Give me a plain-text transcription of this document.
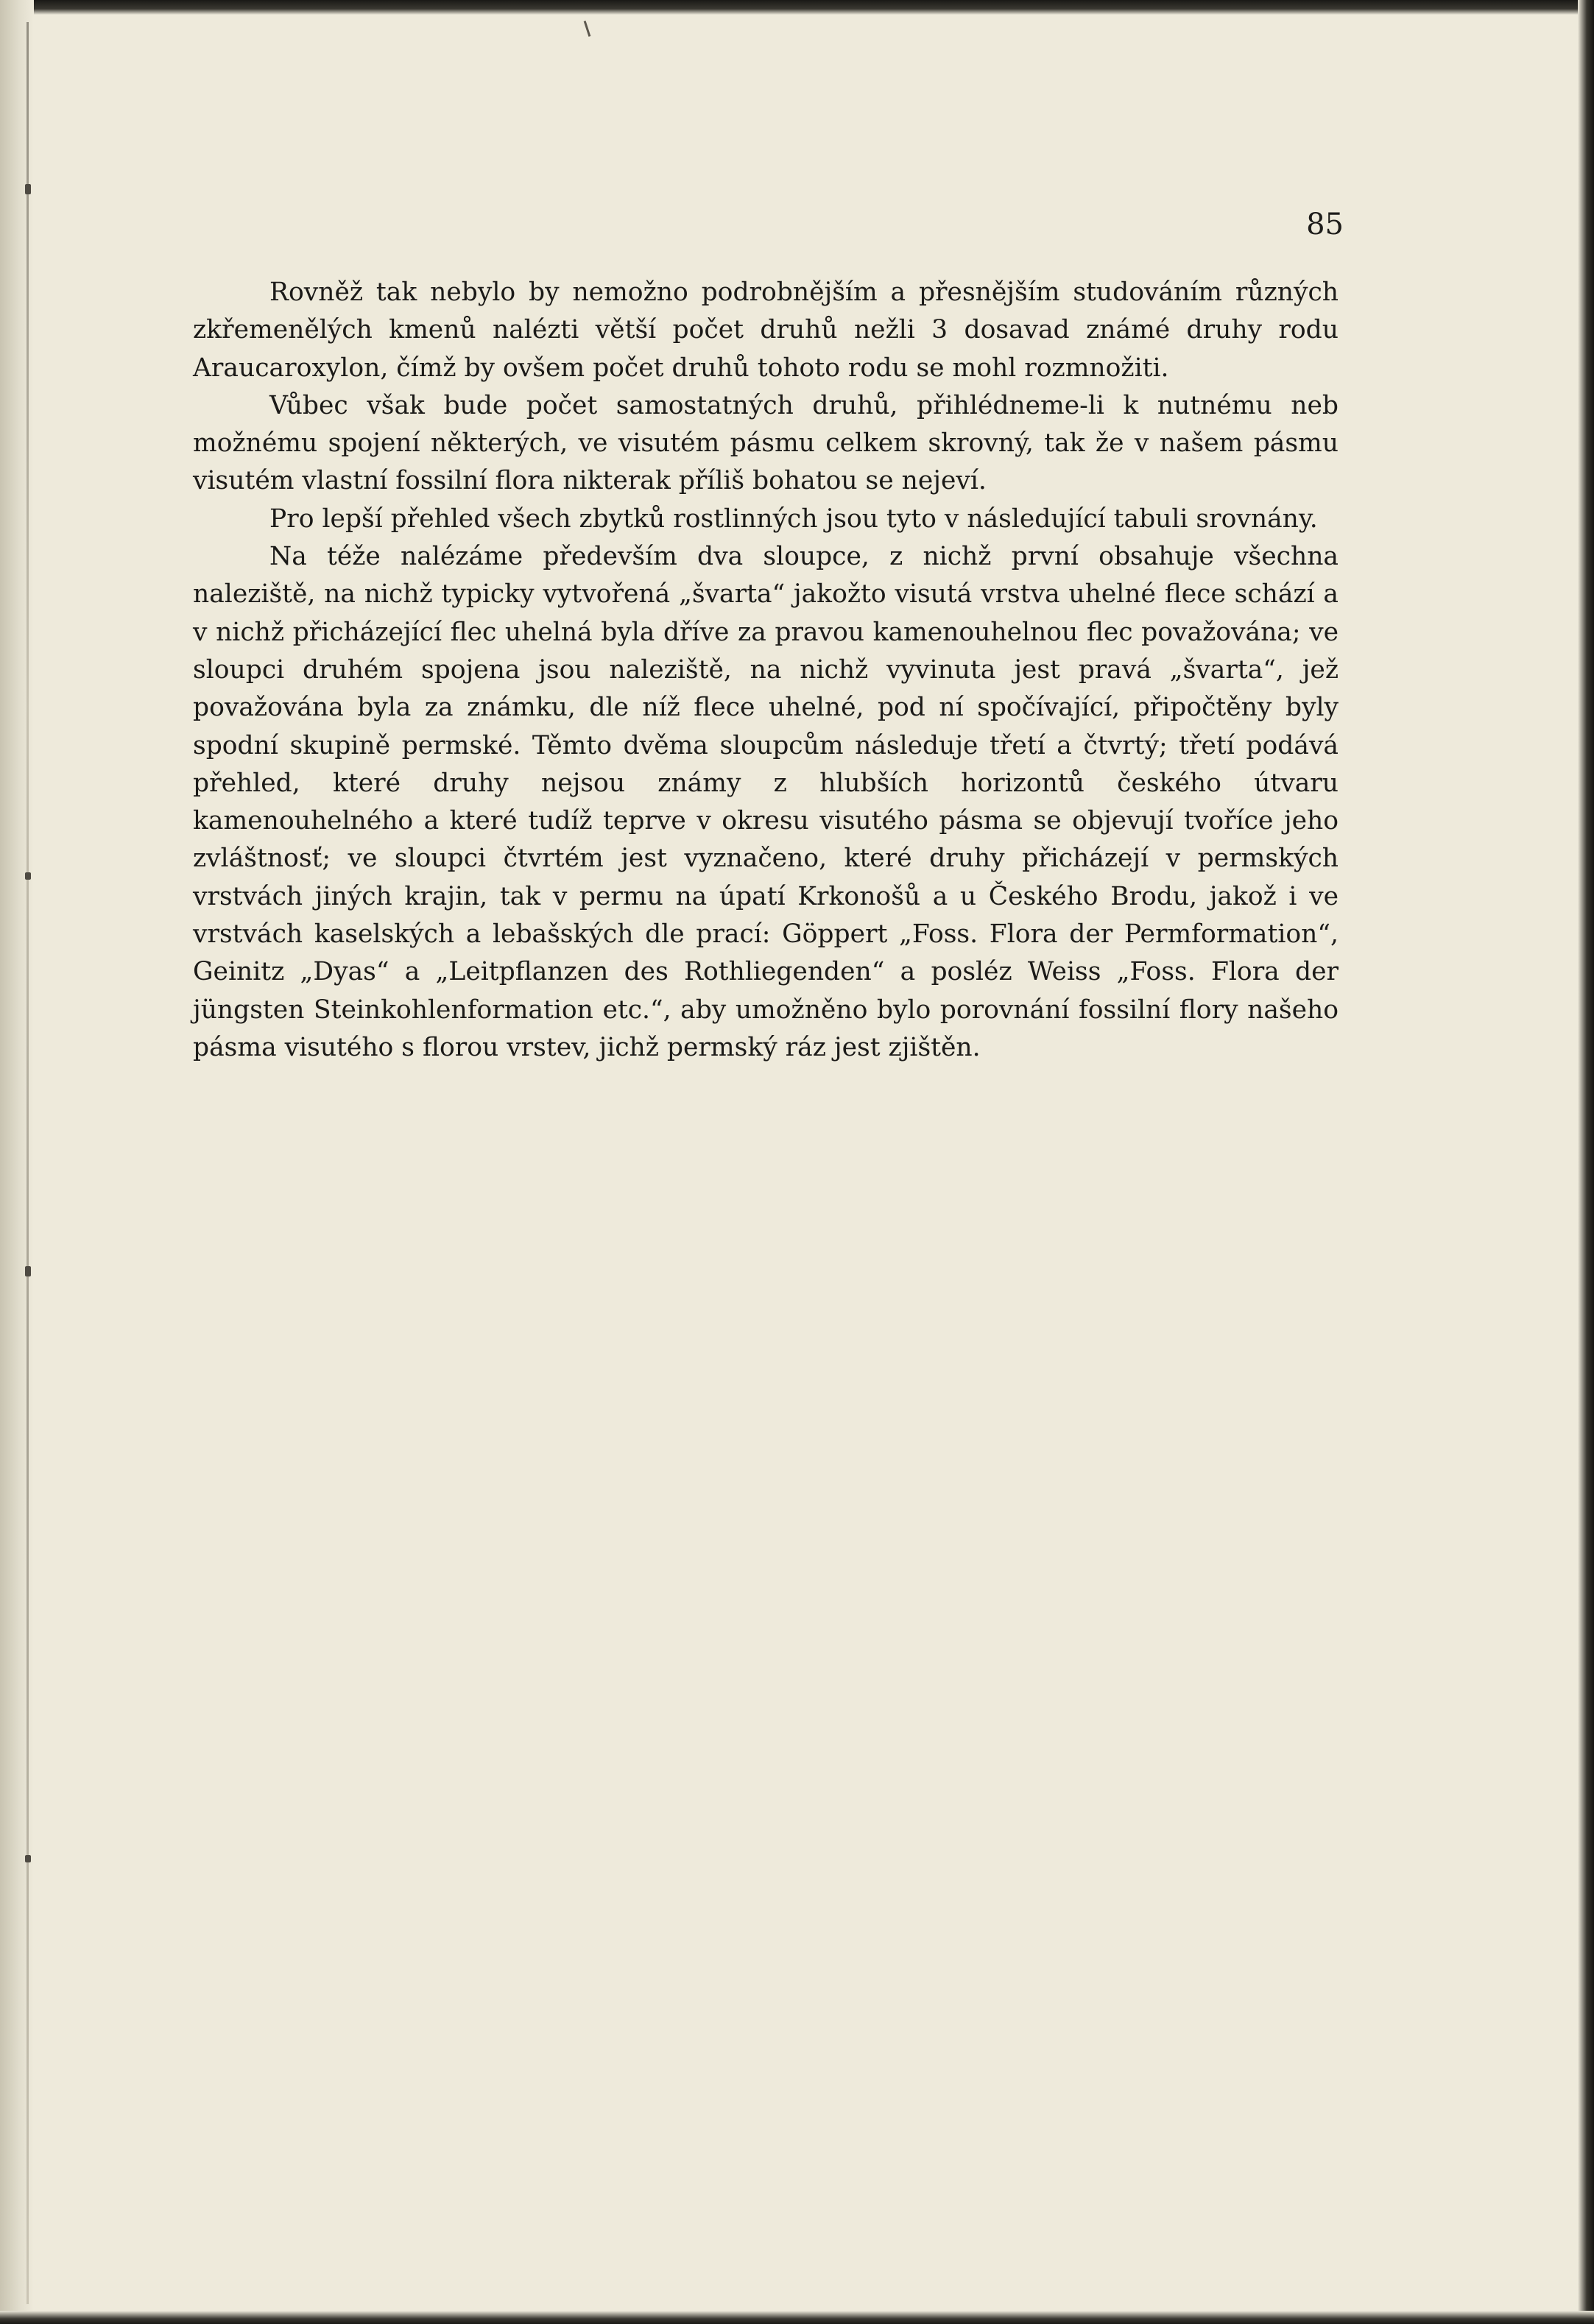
85

Rovněž tak nebylo by nemožno podrobnějším a přesnějším studováním různých zkřemenělých kmenů nalézti větší počet druhů nežli 3 dosavad známé druhy rodu Araucaroxylon, čímž by ovšem počet druhů tohoto rodu se mohl rozmnožiti.

Vůbec však bude počet samostatných druhů, přihlédneme-li k nutnému neb možnému spojení některých, ve visutém pásmu celkem skrovný, tak že v našem pásmu visutém vlastní fossilní flora nikterak příliš bohatou se nejeví.

Pro lepší přehled všech zbytků rostlinných jsou tyto v následující tabuli srovnány.

Na téže nalézáme především dva sloupce, z nichž první obsahuje všechna naleziště, na nichž typicky vytvořená „švarta“ jakožto visutá vrstva uhelné flece schází a v nichž přicházející flec uhelná byla dříve za pravou kamenouhelnou flec považována; ve sloupci druhém spojena jsou naleziště, na nichž vyvinuta jest pravá „švarta“, jež považována byla za známku, dle níž flece uhelné, pod ní spočívající, připočtěny byly spodní skupině permské. Těmto dvěma sloupcům následuje třetí a čtvrtý; třetí podává přehled, které druhy nejsou známy z hlubších horizontů českého útvaru kamenouhelného a které tudíž teprve v okresu visutého pásma se objevují tvoříce jeho zvláštnosť; ve sloupci čtvrtém jest vyznačeno, které druhy přicházejí v permských vrstvách jiných krajin, tak v permu na úpatí Krkonošů a u Českého Brodu, jakož i ve vrstvách kaselských a lebašských dle prací: Göppert „Foss. Flora der Permformation“, Geinitz „Dyas“ a „Leitpflanzen des Rothliegenden“ a posléz Weiss „Foss. Flora der jüngsten Steinkohlenformation etc.“, aby umožněno bylo porovnání fossilní flory našeho pásma visutého s florou vrstev, jichž permský ráz jest zjištěn.
